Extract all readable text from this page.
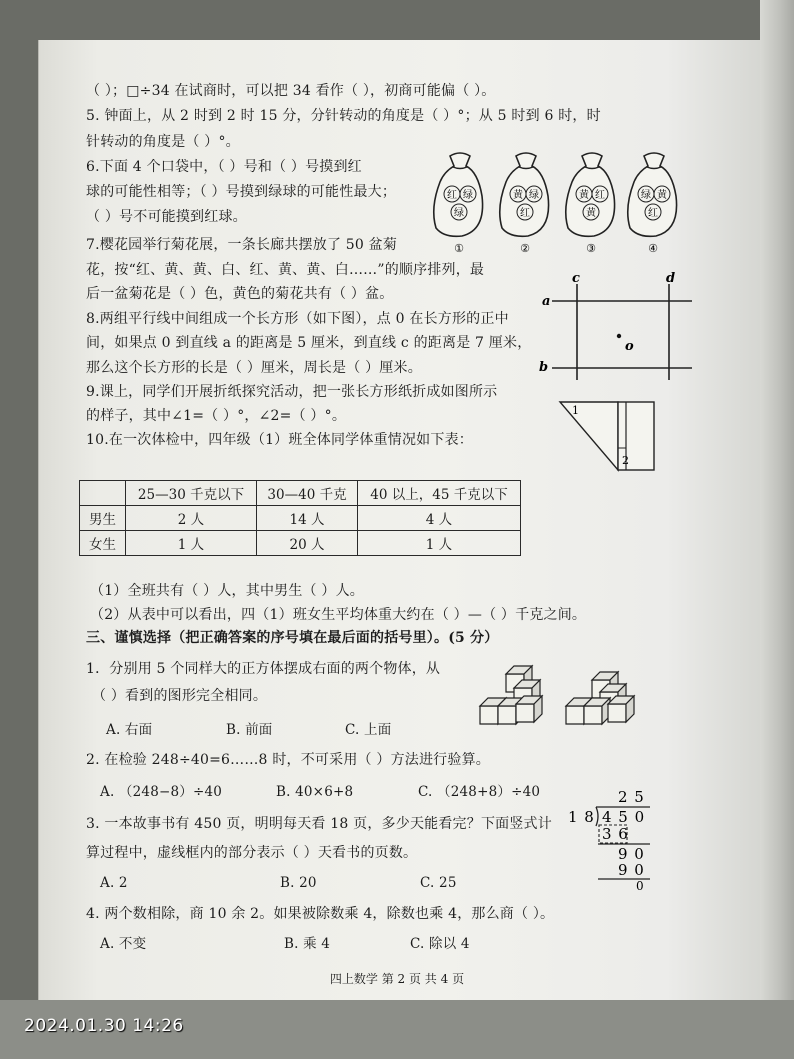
（ ）；□÷34 在试商时，可以把 34 看作（ ），初商可能偏（ ）。
5. 钟面上，从 2 时到 2 时 15 分，分针转动的角度是（ ）°；从 5 时到 6 时，时
针转动的角度是（ ）°。
6.下面 4 个口袋中，（ ）号和（ ）号摸到红
球的可能性相等；（ ）号摸到绿球的可能性最大；
（ ）号不可能摸到红球。
红 绿
绿
①
黄 绿
红
②
黄 红
黄
③
绿 黄
红
④
7.樱花园举行菊花展，一条长廊共摆放了 50 盆菊
花，按“红、黄、黄、白、红、黄、黄、白……”的顺序排列，最
后一盆菊花是（ ）色，黄色的菊花共有（ ）盆。
8.两组平行线中间组成一个长方形（如下图），点 0 在长方形的正中
间，如果点 0 到直线 a 的距离是 5 厘米，到直线 c 的距离是 7 厘米，
那么这个长方形的长是（ ）厘米，周长是（ ）厘米。
a
b
c	d
o
9.课上，同学们开展折纸探究活动，把一张长方形纸折成如图所示
的样子，其中∠1=（ ）°，∠2=（ ）°。	1
2
10.在一次体检中，四年级（1）班全体同学体重情况如下表：
	25—30 千克以下	30—40 千克	40 以上，45 千克以下
男生	2 人	14 人	4 人
女生	1 人	20 人	1 人
（1）全班共有（ ）人，其中男生（ ）人。
（2）从表中可以看出，四（1）班女生平均体重大约在（ ）—（ ）千克之间。
三、谨慎选择（把正确答案的序号填在最后面的括号里）。(5 分）
1．分别用 5 个同样大的正方体摆成右面的两个物体，从
（ ）看到的图形完全相同。
A. 右面	B. 前面	C. 上面
2. 在检验 248÷40=6……8 时，不可采用（ ）方法进行验算。
A. （248−8）÷40	B. 40×6+8	C. （248+8）÷40
3. 一本故事书有 450 页，明明每天看 18 页，多少天能看完？下面竖式计
算过程中，虚线框内的部分表示（ ）天看书的页数。
A. 2	B. 20	C. 25
2 5
1 8 4 5 0
3 6
9 0
9 0
0
4. 两个数相除，商 10 余 2。如果被除数乘 4，除数也乘 4，那么商（ ）。
A. 不变	B. 乘 4	C. 除以 4
四上数学 第 2 页 共 4 页
2024.01.30 14:26
